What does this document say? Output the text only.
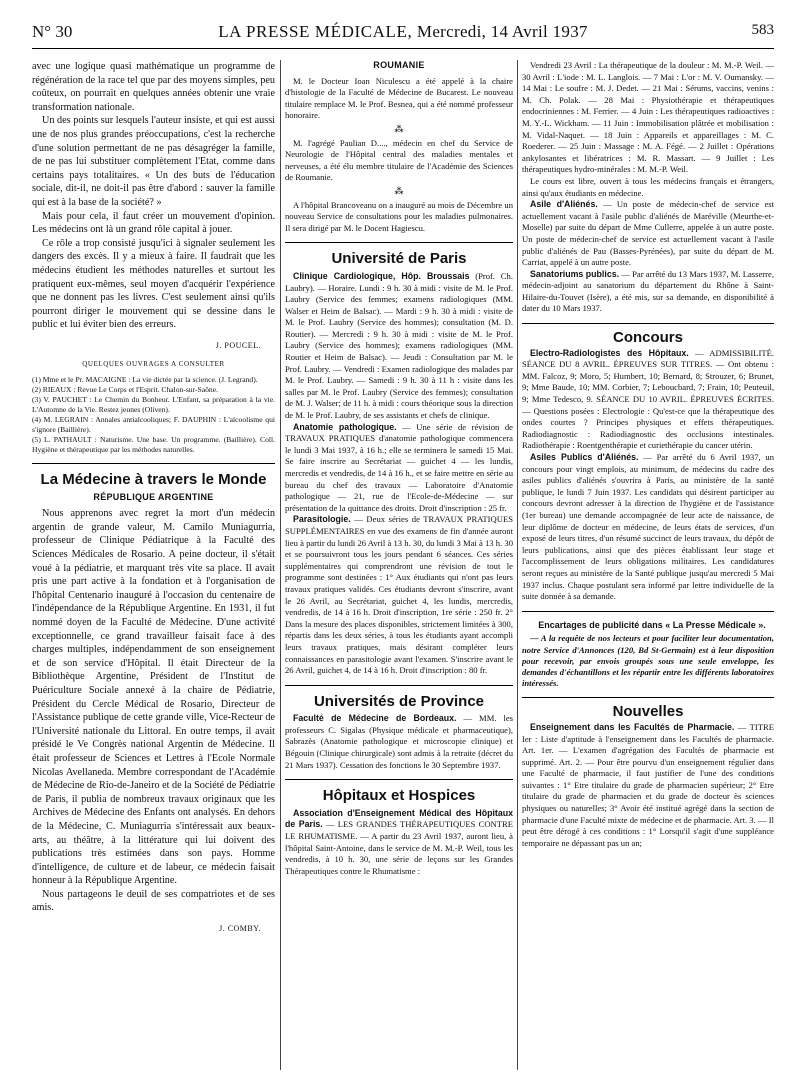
N° 30	LA PRESSE MÉDICALE, Mercredi, 14 Avril 1937	583

avec une logique quasi mathématique un programme de régénération de la race tel que par des moyens simples, peu coûteux, on pourrait en quelques années obtenir une vraie transformation nationale.

Un des points sur lesquels l'auteur insiste, et qui est aussi une de nos plus grandes préoccupations, c'est la recherche d'une solution permettant de ne pas désagréger la famille, de ne pas lui substituer complètement l'Etat, comme dans certains pays totalitaires. « Un des buts de l'éducation sociale, dit-il, ne doit-il pas être d'abord : sauver la famille qui est à la base de la société? »

Mais pour cela, il faut créer un mouvement d'opinion. Les médecins ont là un grand rôle capital à jouer.

Ce rôle a trop consisté jusqu'ici à signaler seulement les dangers des excès. Il y a mieux à faire. Il faudrait que les médecins étudient les méthodes naturelles et surtout les pratiquent eux-mêmes, seul moyen d'acquérir l'expérience que ne donnent pas les livres. C'est seulement ainsi qu'ils pourront diriger le mouvement qui se dessine dans le public et lui éviter bien des erreurs.

J. POUCEL.
QUELQUES OUVRAGES A CONSULTER

(1) Mme et le Pr. MACAIGNE : La vie dictée par la science. (J. Legrand).

(2) RIEAUX : Revue Le Corps et l'Esprit. Chalon-sur-Saône.

(3) V. PAUCHET : Le Chemin du Bonheur. L'Enfant, sa préparation à la vie. L'Automne de la Vie. Restez jeunes (Oliven).

(4) M. LEGRAIN : Annales antialcooliques; F. DAUPHIN : L'alcoolisme qui s'ignore (Baillière).

(5) L. PATHAULT : Naturisme. Une base. Un programme. (Baillière). Coll. Hygiène et thérapeutique par les méthodes naturelles.

La Médecine à travers le Monde
RÉPUBLIQUE ARGENTINE

Nous apprenons avec regret la mort d'un médecin argentin de grande valeur, M. Camilo Muniagurria, professeur de Clinique Pédiatrique à la Faculté des Sciences Médicales de Rosario. A peine docteur, il s'était voué à la pédiatrie, et marquant très vite sa place. Il avait pris une part active à la fondation et à l'organisation de l'hôpital Centenario inauguré à l'occasion du centenaire de l'indépendance de la République Argentine. En 1931, il fut nommé doyen de la Faculté de Médecine. D'une activité exceptionnelle, ce grand travailleur faisait face à des charges multiples, indépendamment de son enseignement et de son service d'Hôpital. Il était Directeur de la Bibliothèque Argentine, Président de l'Institut de Puériculture Sociale annexé à la chaire de Pédiatrie, Président du Cercle Médical de Rosario, Directeur de l'Assistance publique de cette grande ville, Vice-Recteur de l'Université nationale du Littoral. En outre temps, il avait présidé le Ve Congrès national Argentin de Médecine. Il était professeur de Sciences et Lettres à l'Ecole Normale Nicolas Avellaneda. Membre correspondant de l'Académie de Médecine de Rio-de-Janeiro et de la Société de Pédiatrie de Paris, il publia de nombreux travaux originaux que les Archives de Médecine des Enfants ont analysés. En dehors de la Médecine, C. Muniagurria s'intéressait aux beaux-arts, au théâtre, à la littérature qui lui doivent des publications très estimées dans son pays. Homme d'intelligence, de culture et de labeur, ce médecin faisait honneur à la République Argentine.

Nous partageons le deuil de ses compatriotes et de ses amis.

J. COMBY.
ROUMANIE

M. le Docteur Ioan Niculescu a été appelé à la chaire d'histologie de la Faculté de Médecine de Bucarest. Le nouveau titulaire remplace M. le Prof. Besnea, qui a été nommé professeur honoraire.

⁂

M. l'agrégé Paulian D...., médecin en chef du Service de Neurologie de l'Hôpital central des maladies mentales et nerveuses, a été élu membre titulaire de l'Académie des Sciences de Roumanie.

⁂

A l'hôpital Brancoveanu on a inauguré au mois de Décembre un nouveau Service de consultations pour les maladies pulmonaires. Il sera dirigé par M. le Docent Hagiescu.

Université de Paris

Clinique Cardiologique, Hôp. Broussais (Prof. Ch. Laubry). — Horaire. Lundi : 9 h. 30 à midi : visite de M. le Prof. Laubry (Service des femmes; examens radiologiques (MM. Walser et Heim de Balsac). — Mardi : 9 h. 30 à midi : visite de M. le Prof. Laubry (Service des hommes); consultation (M. D. Routier). — Mercredi : 9 h. 30 à midi : visite de M. le Prof. Laubry (Service des hommes); examens radiologiques (MM. Routier et Heim de Balsac). — Jeudi : Consultation par M. le Prof. Laubry. — Vendredi : Examen radiologique des malades par M. le Prof. Laubry. — Samedi : 9 h. 30 à 11 h : visite dans les salles par M. le Prof. Laubry (Service des femmes); consultation de M. J. Walser; de 11 h. à midi : cours théorique sous la direction de M. le Prof. Laubry, de ses assistants et chefs de clinique.

Anatomie pathologique. — Une série de révision de TRAVAUX PRATIQUES d'anatomie pathologique commencera le lundi 3 Mai 1937, à 16 h.; elle se terminera le samedi 15 Mai. Se faire inscrire au Secrétariat — guichet 4 — les lundis, mercredis et vendredis, de 14 à 16 h., et se faire mettre en série au bureau du chef des travaux — Laboratoire d'Anatomie pathologique — 21, rue de l'Ecole-de-Médecine — sur présentation de la quittance des droits. Droit d'inscription : 25 fr.

Parasitologie. — Deux séries de TRAVAUX PRATIQUES SUPPLÉMENTAIRES en vue des examens de fin d'année auront lieu à partir du lundi 26 Avril à 13 h. 30, du lundi 3 Mai à 13 h. 30 et se poursuivront tous les jours pendant 6 séances. Ces séries supplémentaires qui comprendront une révision de tout le programme sont destinées : 1° Aux étudiants qui n'ont pas leurs travaux pratiques validés. Ces étudiants devront s'inscrire, avant le 26 Avril, au Secrétariat, guichet 4, les lundis, mercredis, vendredis, de 14 à 16 h. Droit d'inscription, 1re série : 250 fr. 2° Dans la mesure des places disponibles, strictement limitées à 300, répartis dans les deux séries, à tous les étudiants ayant accompli leurs travaux pratiques, mais désirant compléter leurs connaissances en parasitologie avant l'examen. S'inscrire avant le 26 Avril, guichet 4, de 14 à 16 h. Droit d'inscription : 80 fr.

Universités de Province

Faculté de Médecine de Bordeaux. — MM. les professeurs C. Sigalas (Physique médicale et pharmaceutique), Sabrazès (Anatomie pathologique et microscopie clinique) et Bégouin (Clinique chirurgicale) sont admis à la retraite (décret du 21 Mars 1937). Cessation des fonctions le 30 Septembre 1937.

Hôpitaux et Hospices

Association d'Enseignement Médical des Hôpitaux de Paris. — LES GRANDES THÉRAPEUTIQUES CONTRE LE RHUMATISME. — A partir du 23 Avril 1937, auront lieu, à l'hôpital Saint-Antoine, dans le service de M. M.-P. Weil, tous les vendredis, à 10 h. 30, une série de leçons sur les Grandes Thérapeutiques contre le Rhumatisme :

Vendredi 23 Avril : La thérapeutique de la douleur : M. M.-P. Weil. — 30 Avril : L'iode : M. L. Langlois. — 7 Mai : L'or : M. V. Oumansky. — 14 Mai : Le soufre : M. J. Dedet. — 21 Mai : Sérums, vaccins, venins : M. Ch. Polak. — 28 Mai : Physiothérapie et thérapeutiques endocriniennes : M. Ferrier. — 4 Juin : Les thérapeutiques radioactives : M. Y.-L. Wickham. — 11 Juin : Immobilisation plâtrée et mobilisation : M. Vidal-Naquet. — 18 Juin : Appareils et appareillages : M. C. Roederer. — 25 Juin : Massage : M. A. Fégé. — 2 Juillet : Opérations ankylosantes et libératrices : M. R. Massart. — 9 Juillet : Les thérapeutiques hydro-minérales : M. M.-P. Weil.

Le cours est libre, ouvert à tous les médecins français et étrangers, ainsi qu'aux étudiants en médecine.

Asile d'Aliénés. — Un poste de médecin-chef de service est actuellement vacant à l'asile public d'aliénés de Maréville (Meurthe-et-Moselle) par suite du départ de Mme Cullerre, appelée à un autre poste. Un poste de médecin-chef de service est actuellement vacant à l'asile public d'aliénés de Pau (Basses-Pyrénées), par suite du départ de M. Carriat, appelé à un autre poste.

Sanatoriums publics. — Par arrêté du 13 Mars 1937, M. Lasserre, médecin-adjoint au sanatorium du département du Rhône à Saint-Hilaire-du-Touvet (Isère), a été mis, sur sa demande, en disponibilité à dater du 10 Mars 1937.

Concours

Electro-Radiologistes des Hôpitaux. — ADMISSIBILITÉ. SÉANCE DU 8 AVRIL. ÉPREUVES SUR TITRES. — Ont obtenu : MM. Falcoz, 9; Moro, 5; Humbert, 10; Bernard, 8; Strouzer, 6; Brunet, 9; Mme Baude, 10; MM. Corbier, 7; Leboucbard, 7; Frain, 10; Peuteuil, 9; Mme Tedesco, 9. SÉANCE DU 10 AVRIL. ÉPREUVES ÉCRITES. — Questions posées : Electrologie : Qu'est-ce que la thérapeutique des ondes courtes ? Principes physiques et effets thérapeutiques. Radiodiagnostic : Radiodiagnostic des occlusions intestinales. Radiothérapie : Roentgenthérapie et curiethérapie du cancer utérin.

Asiles Publics d'Aliénés. — Par arrêté du 6 Avril 1937, un concours pour vingt emplois, au minimum, de médecins du cadre des asiles publics d'aliénés s'ouvrira à Paris, au ministère de la santé publique, le lundi 7 Juin 1937. Les candidats qui désirent participer au concours devront adresser à la direction de l'hygiène et de l'assistance (1er bureau) une demande accompagnée de leur acte de naissance, de leur diplôme de docteur en médecine, de leurs états de services, d'un exposé de leurs titres, d'un résumé succinct de leurs travaux, du dépôt de leurs publications, ainsi que des pièces établissant leur stage et l'accomplissement de leurs obligations militaires. Les candidatures seront reçues au ministère de la Santé publique jusqu'au mercredi 5 Mai 1937 inclus. Chaque postulant sera informé par lettre individuelle de la suite donnée à sa demande.

Encartages de publicité dans « La Presse Médicale ».

— A la requête de nos lecteurs et pour faciliter leur documentation, notre Service d'Annonces (120, Bd St-Germain) est à leur disposition pour recevoir, par envois groupés sous une seule enveloppe, les demandes d'échantillons et les répartir entre les différents laboratoires intéressés.

Nouvelles

Enseignement dans les Facultés de Pharmacie. — TITRE Ier : Liste d'aptitude à l'enseignement dans les Facultés de pharmacie. Art. 1er. — L'examen d'agrégation des Facultés de pharmacie est supprimé. Art. 2. — Pour être pourvu d'un enseignement régulier dans une Faculté de pharmacie, il faut justifier de l'une des conditions suivantes : 1° Etre titulaire du grade de pharmacien supérieur; 2° Etre titulaire du grade de pharmacien et du grade de docteur ès sciences physiques ou naturelles; 3° Avoir été institué agrégé dans la section de pharmacie d'une Faculté mixte de médecine et de pharmacie. Art. 3. — Il peut être dérogé à ces conditions : 1° Lorsqu'il s'agit d'une suppléance temporaire ne dépassant pas un an;
